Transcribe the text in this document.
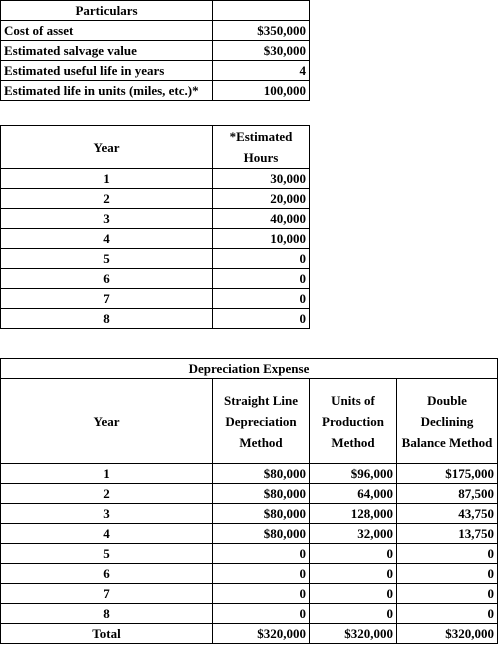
Particulars	
Cost of asset	$350,000
Estimated salvage value	$30,000
Estimated useful life in years	4
Estimated life in units (miles, etc.)*	100,000
Year	*Estimated Hours
1	30,000
2	20,000
3	40,000
4	10,000
5	0
6	0
7	0
8	0
Depreciation Expense			
Year	Straight Line Depreciation Method	Units of Production Method	Double Declining Balance Method
1	$80,000	$96,000	$175,000
2	$80,000	64,000	87,500
3	$80,000	128,000	43,750
4	$80,000	32,000	13,750
5	0	0	0
6	0	0	0
7	0	0	0
8	0	0	0
Total	$320,000	$320,000	$320,000
